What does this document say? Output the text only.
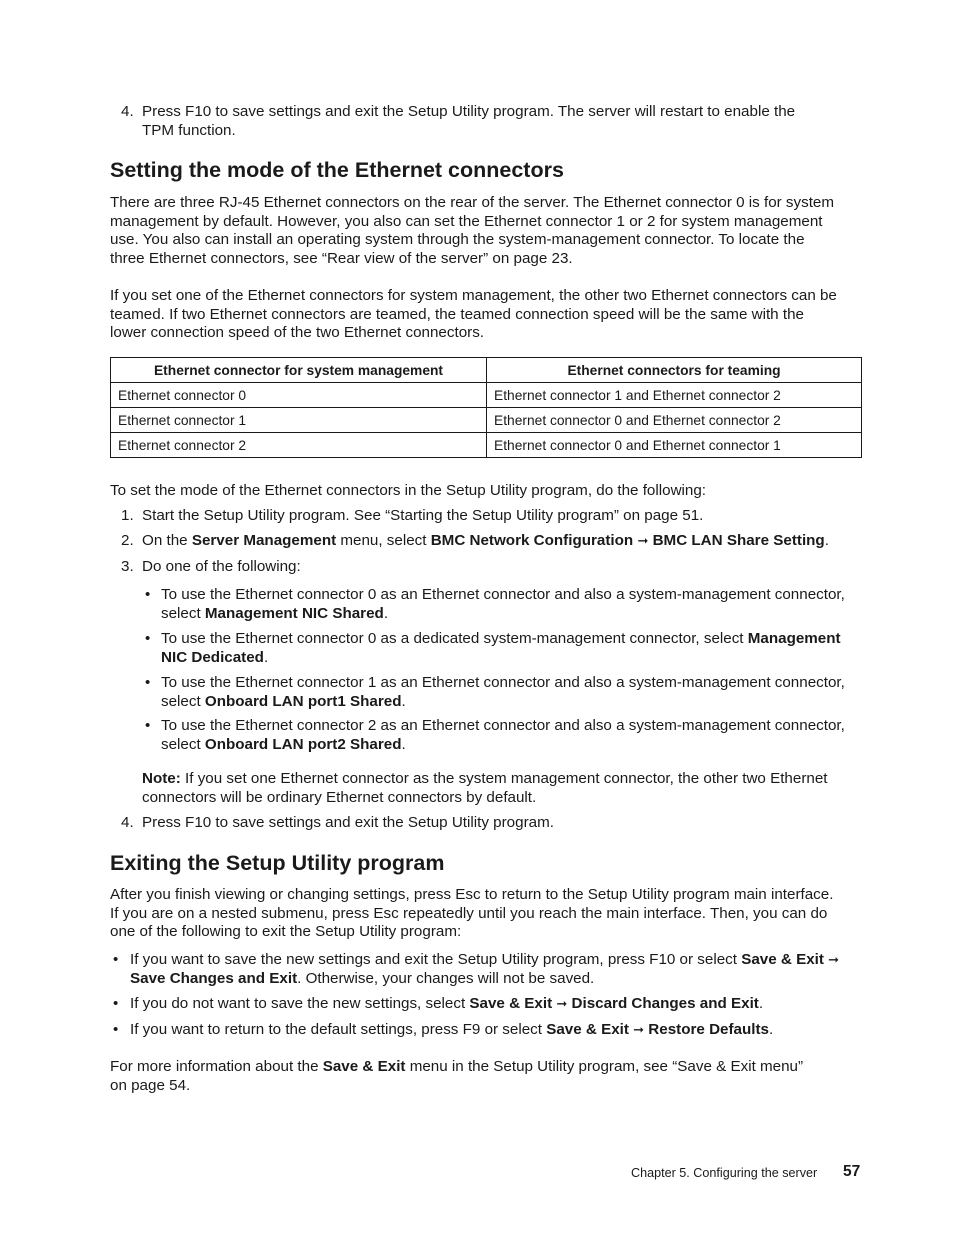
4. Press F10 to save settings and exit the Setup Utility program. The server will restart to enable the
TPM function.
Setting the mode of the Ethernet connectors
There are three RJ-45 Ethernet connectors on the rear of the server. The Ethernet connector 0 is for system
management by default. However, you also can set the Ethernet connector 1 or 2 for system management
use. You also can install an operating system through the system-management connector. To locate the
three Ethernet connectors, see “Rear view of the server” on page 23.
If you set one of the Ethernet connectors for system management, the other two Ethernet connectors can be
teamed. If two Ethernet connectors are teamed, the teamed connection speed will be the same with the
lower connection speed of the two Ethernet connectors.
Ethernet connector for system management	Ethernet connectors for teaming
Ethernet connector 0	Ethernet connector 1 and Ethernet connector 2
Ethernet connector 1	Ethernet connector 0 and Ethernet connector 2
Ethernet connector 2	Ethernet connector 0 and Ethernet connector 1
To set the mode of the Ethernet connectors in the Setup Utility program, do the following:
1. Start the Setup Utility program. See “Starting the Setup Utility program” on page 51.
2. On the Server Management menu, select BMC Network Configuration ➞ BMC LAN Share Setting.
3. Do one of the following:
• To use the Ethernet connector 0 as an Ethernet connector and also a system-management connector,
select Management NIC Shared.
• To use the Ethernet connector 0 as a dedicated system-management connector, select Management
NIC Dedicated.
• To use the Ethernet connector 1 as an Ethernet connector and also a system-management connector,
select Onboard LAN port1 Shared.
• To use the Ethernet connector 2 as an Ethernet connector and also a system-management connector,
select Onboard LAN port2 Shared.
Note: If you set one Ethernet connector as the system management connector, the other two Ethernet
connectors will be ordinary Ethernet connectors by default.
4. Press F10 to save settings and exit the Setup Utility program.
Exiting the Setup Utility program
After you finish viewing or changing settings, press Esc to return to the Setup Utility program main interface.
If you are on a nested submenu, press Esc repeatedly until you reach the main interface. Then, you can do
one of the following to exit the Setup Utility program:
• If you want to save the new settings and exit the Setup Utility program, press F10 or select Save & Exit ➞
Save Changes and Exit. Otherwise, your changes will not be saved.
• If you do not want to save the new settings, select Save & Exit ➞ Discard Changes and Exit.
• If you want to return to the default settings, press F9 or select Save & Exit ➞ Restore Defaults.
For more information about the Save & Exit menu in the Setup Utility program, see “Save & Exit menu”
on page 54.
Chapter 5. Configuring the server 57
